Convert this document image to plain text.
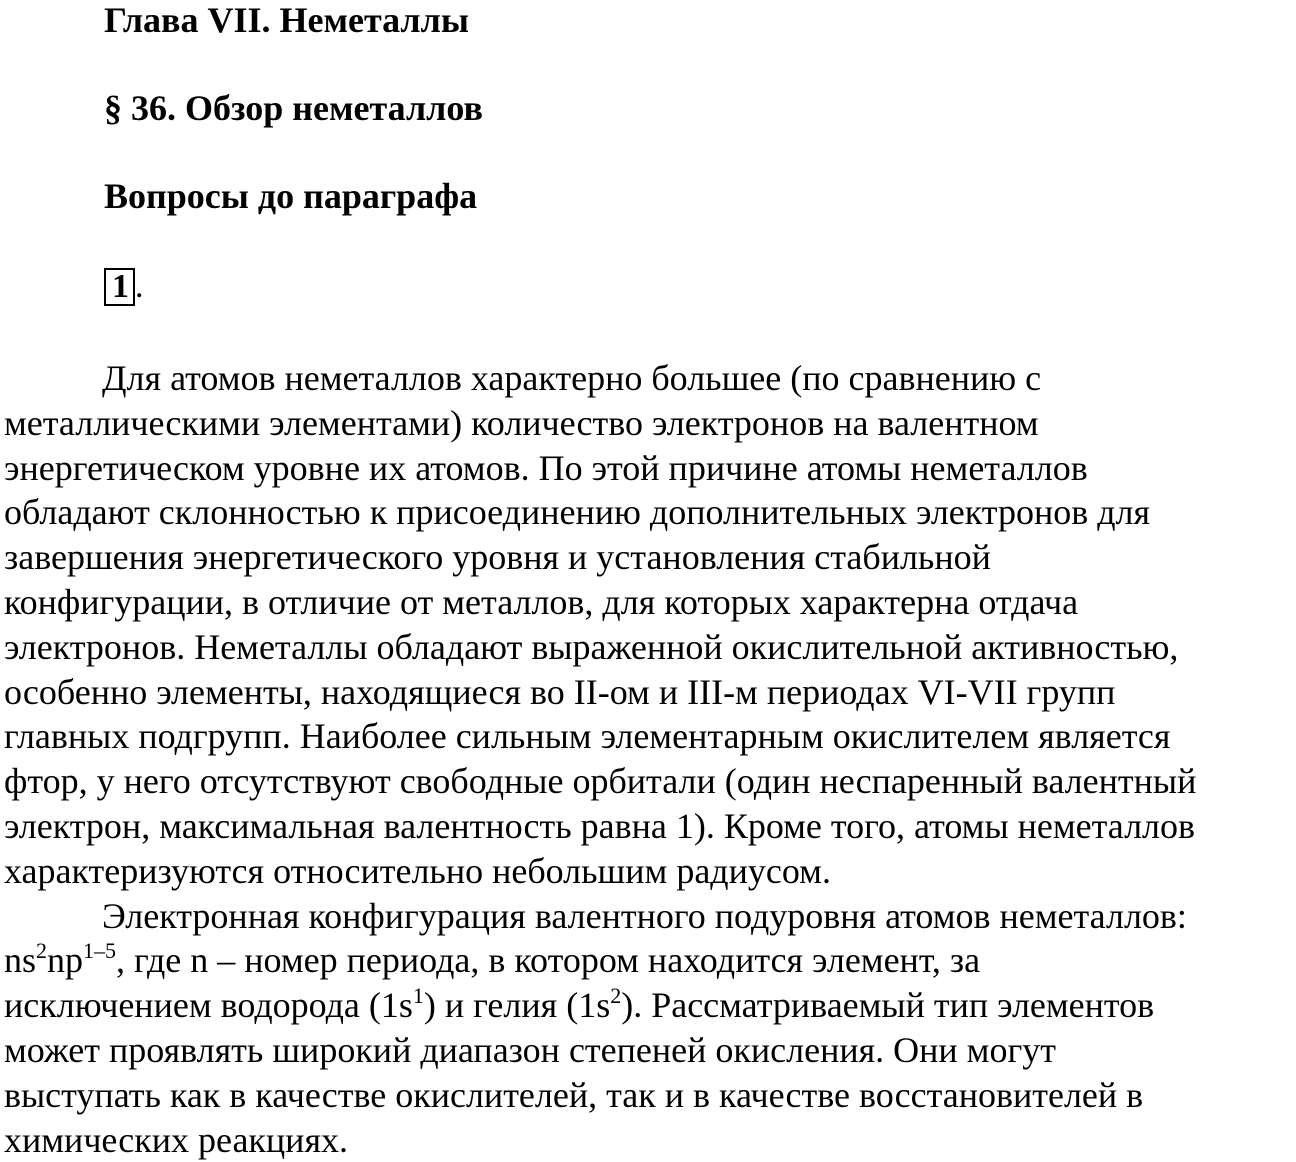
Глава VII. Неметаллы
§ 36. Обзор неметаллов
Вопросы до параграфа
1 .
Для атомов неметаллов характерно большее (по сравнению с
металлическими элементами) количество электронов на валентном
энергетическом уровне их атомов. По этой причине атомы неметаллов
обладают склонностью к присоединению дополнительных электронов для
завершения энергетического уровня и установления стабильной
конфигурации, в отличие от металлов, для которых характерна отдача
электронов. Неметаллы обладают выраженной окислительной активностью,
особенно элементы, находящиеся во II-ом и III-м периодах VI-VII групп
главных подгрупп. Наиболее сильным элементарным окислителем является
фтор, у него отсутствуют свободные орбитали (один неспаренный валентный
электрон, максимальная валентность равна 1). Кроме того, атомы неметаллов
характеризуются относительно небольшим радиусом.
Электронная конфигурация валентного подуровня атомов неметаллов:
$ns^2np^{1-5}$, где n – номер периода, в котором находится элемент, за
исключением водорода $(1s^1)$ и гелия $(1s^2)$. Рассматриваемый тип элементов
может проявлять широкий диапазон степеней окисления. Они могут
выступать как в качестве окислителей, так и в качестве восстановителей в
химических реакциях.
